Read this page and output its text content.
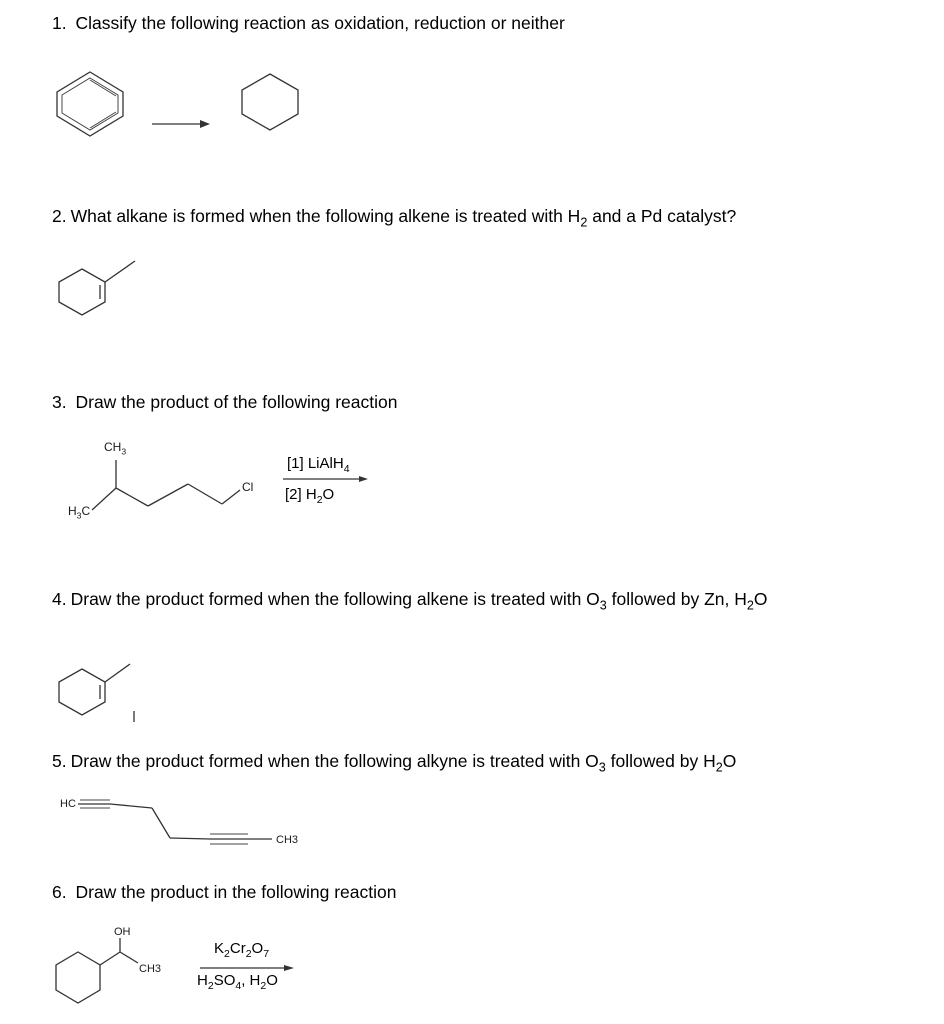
1. Classify the following reaction as oxidation, reduction or neither
2. What alkane is formed when the following alkene is treated with $H_2$ and a Pd catalyst?
3. Draw the product of the following reaction
4. Draw the product formed when the following alkene is treated with $O_3$ followed by Zn, $H_2O$
5. Draw the product formed when the following alkyne is treated with $O_3$ followed by $H_2O$
6. Draw the product in the following reaction
$CH_3$
$H_3C$
Cl
[1] LiAlH$_4$
[2] $H_2O$
HC
CH3
OH
CH3
$K_2Cr_2O_7$
$H_2SO_4$, $H_2O$
